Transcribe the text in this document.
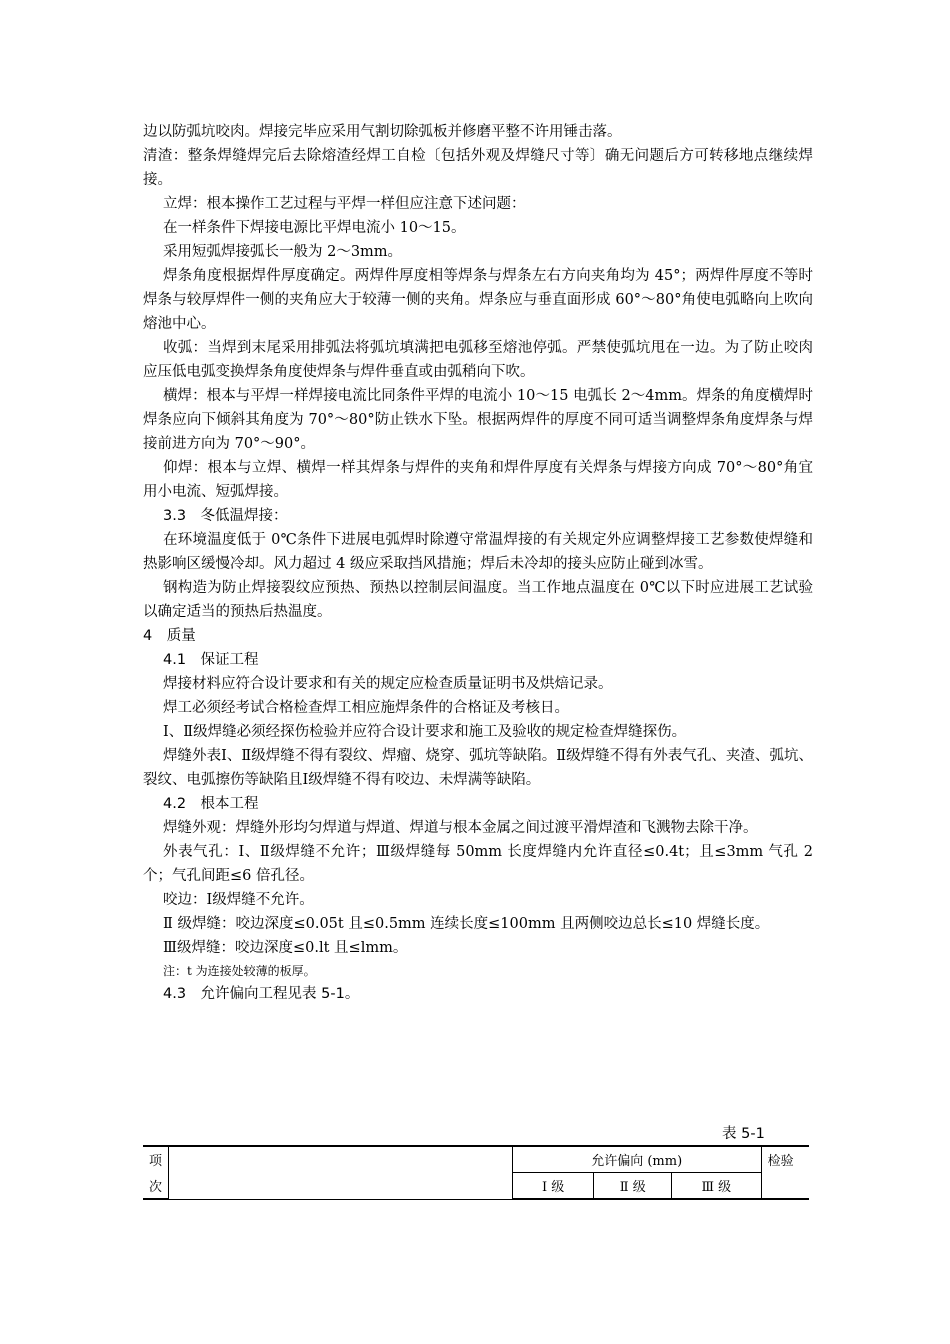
边以防弧坑咬肉。焊接完毕应采用气割切除弧板并修磨平整不许用锤击落。

清渣：整条焊缝焊完后去除熔渣经焊工自检〔包括外观及焊缝尺寸等〕确无问题后方可转移地点继续焊接。

立焊：根本操作工艺过程与平焊一样但应注意下述问题：

在一样条件下焊接电源比平焊电流小 10～15。

采用短弧焊接弧长一般为 2～3mm。

焊条角度根据焊件厚度确定。两焊件厚度相等焊条与焊条左右方向夹角均为 45°；两焊件厚度不等时焊条与较厚焊件一侧的夹角应大于较薄一侧的夹角。焊条应与垂直面形成 60°～80°角使电弧略向上吹向熔池中心。

收弧：当焊到末尾采用排弧法将弧坑填满把电弧移至熔池停弧。严禁使弧坑甩在一边。为了防止咬肉应压低电弧变换焊条角度使焊条与焊件垂直或由弧稍向下吹。

横焊：根本与平焊一样焊接电流比同条件平焊的电流小 10～15 电弧长 2～4mm。焊条的角度横焊时焊条应向下倾斜其角度为 70°～80°防止铁水下坠。根据两焊件的厚度不同可适当调整焊条角度焊条与焊接前进方向为 70°～90°。

仰焊：根本与立焊、横焊一样其焊条与焊件的夹角和焊件厚度有关焊条与焊接方向成 70°～80°角宜用小电流、短弧焊接。

3.3　冬低温焊接：

在环境温度低于 0℃条件下进展电弧焊时除遵守常温焊接的有关规定外应调整焊接工艺参数使焊缝和热影响区缓慢冷却。风力超过 4 级应采取挡风措施；焊后未冷却的接头应防止碰到冰雪。

钢构造为防止焊接裂纹应预热、预热以控制层间温度。当工作地点温度在 0℃以下时应进展工艺试验以确定适当的预热后热温度。

4　质量

4.1　保证工程

焊接材料应符合设计要求和有关的规定应检查质量证明书及烘焙记录。

焊工必须经考试合格检查焊工相应施焊条件的合格证及考核日。

Ⅰ、Ⅱ级焊缝必须经探伤检验并应符合设计要求和施工及验收的规定检查焊缝探伤。

焊缝外表Ⅰ、Ⅱ级焊缝不得有裂纹、焊瘤、烧穿、弧坑等缺陷。Ⅱ级焊缝不得有外表气孔、夹渣、弧坑、裂纹、电弧擦伤等缺陷且Ⅰ级焊缝不得有咬边、未焊满等缺陷。

4.2　根本工程

焊缝外观：焊缝外形均匀焊道与焊道、焊道与根本金属之间过渡平滑焊渣和飞溅物去除干净。

外表气孔：Ⅰ、Ⅱ级焊缝不允许；Ⅲ级焊缝每 50mm 长度焊缝内允许直径≤0.4t；且≤3mm 气孔 2 个；气孔间距≤6 倍孔径。

咬边：Ⅰ级焊缝不允许。

Ⅱ 级焊缝：咬边深度≤0.05t 且≤0.5mm 连续长度≤100mm 且两侧咬边总长≤10 焊缝长度。

Ⅲ级焊缝：咬边深度≤0.lt 且≤lmm。

注：t 为连接处较薄的板厚。

4.3　允许偏向工程见表 5-1。

表 5-1
项		允许偏向 (mm)			检验
次		Ⅰ 级	Ⅱ 级	Ⅲ 级	
